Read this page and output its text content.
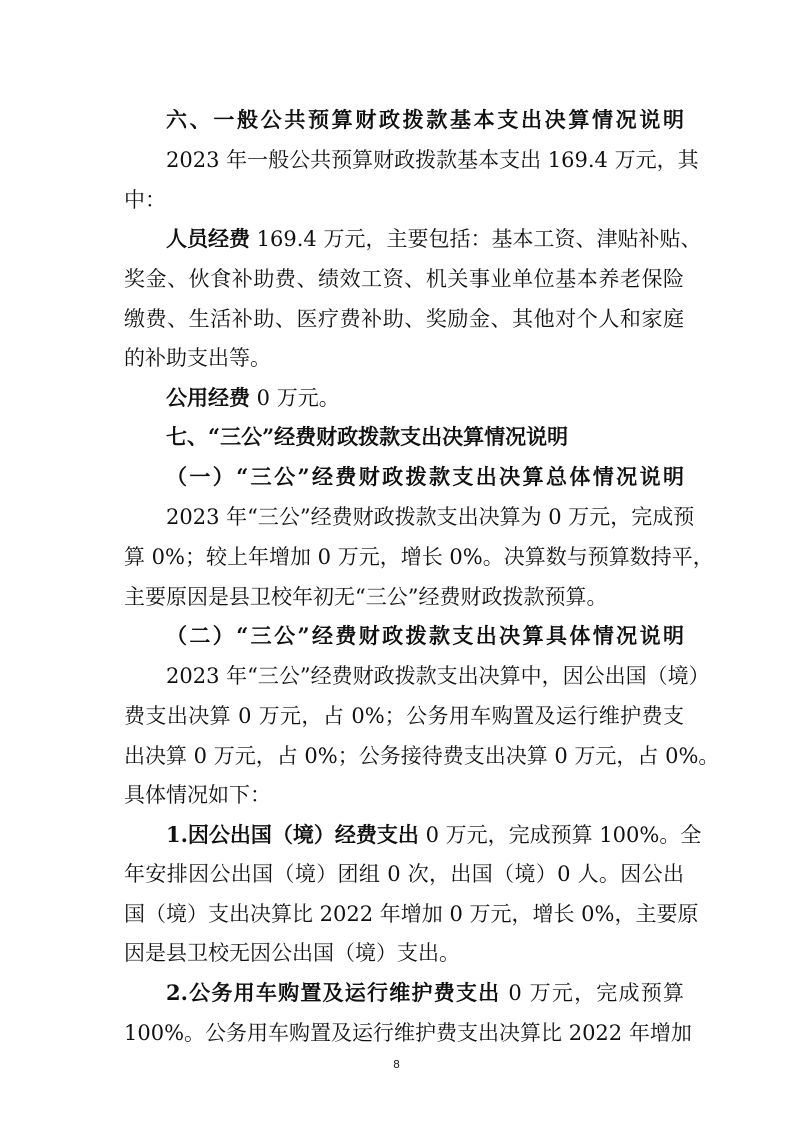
六、一般公共预算财政拨款基本支出决算情况说明
2023 年一般公共预算财政拨款基本支出 169.4 万元，其
中：
人员经费 169.4 万元，主要包括：基本工资、津贴补贴、
奖金、伙食补助费、绩效工资、机关事业单位基本养老保险
缴费、生活补助、医疗费补助、奖励金、其他对个人和家庭
的补助支出等。
公用经费 0 万元。
七、“三公”经费财政拨款支出决算情况说明
（一）“三公”经费财政拨款支出决算总体情况说明
2023 年“三公”经费财政拨款支出决算为 0 万元，完成预
算 0%；较上年增加 0 万元，增长 0%。决算数与预算数持平，
主要原因是县卫校年初无“三公”经费财政拨款预算。
（二）“三公”经费财政拨款支出决算具体情况说明
2023 年“三公”经费财政拨款支出决算中，因公出国（境）
费支出决算 0 万元，占 0%；公务用车购置及运行维护费支
出决算 0 万元，占 0%；公务接待费支出决算 0 万元，占 0%。
具体情况如下：
1.因公出国（境）经费支出 0 万元，完成预算 100%。全
年安排因公出国（境）团组 0 次，出国（境）0 人。因公出
国（境）支出决算比 2022 年增加 0 万元，增长 0%，主要原
因是县卫校无因公出国（境）支出。
2.公务用车购置及运行维护费支出 0 万元，完成预算
100%。公务用车购置及运行维护费支出决算比 2022 年增加
8
